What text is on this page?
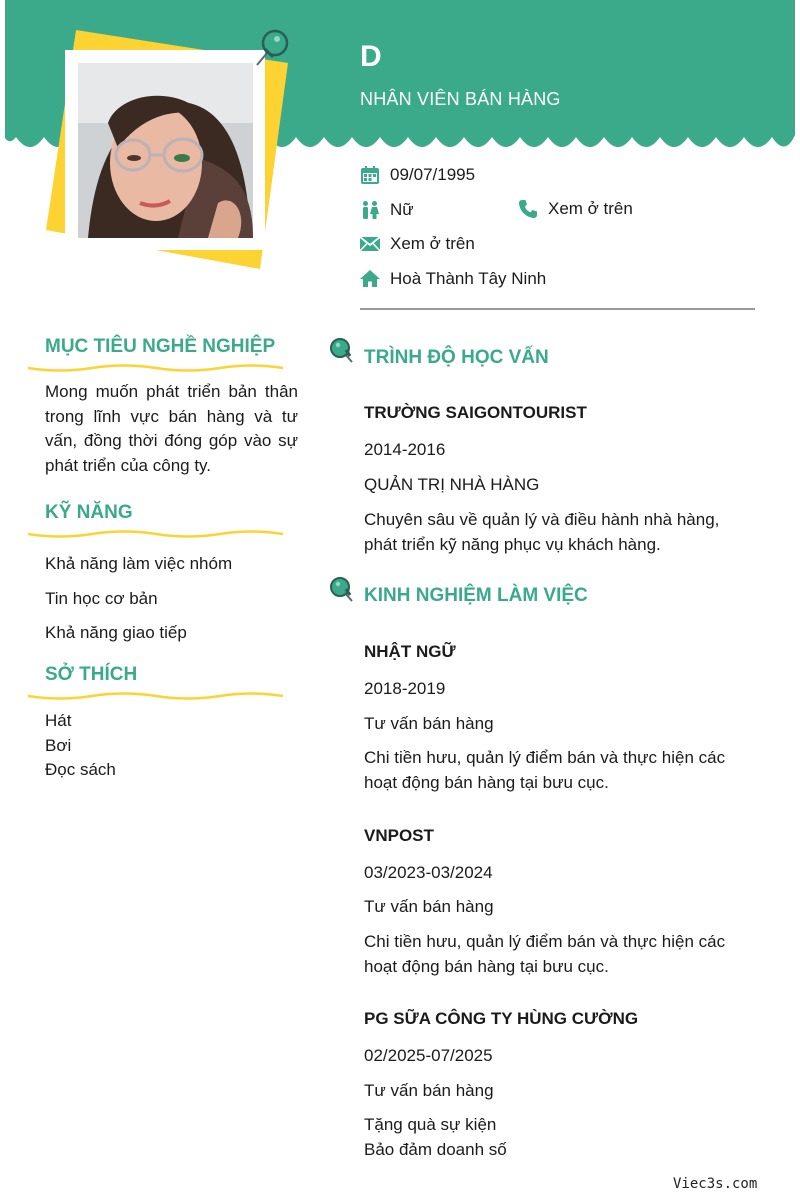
D
NHÂN VIÊN BÁN HÀNG
09/07/1995
Nữ	Xem ở trên
Xem ở trên
Hoà Thành Tây Ninh
MỤC TIÊU NGHỀ NGHIỆP
Mong muốn phát triển bản thân trong lĩnh vực bán hàng và tư vấn, đồng thời đóng góp vào sự phát triển của công ty.
KỸ NĂNG
Khả năng làm việc nhóm
Tin học cơ bản
Khả năng giao tiếp
SỞ THÍCH
Hát
Bơi
Đọc sách
TRÌNH ĐỘ HỌC VẤN
TRƯỜNG SAIGONTOURIST
2014-2016
QUẢN TRỊ NHÀ HÀNG
Chuyên sâu về quản lý và điều hành nhà hàng, phát triển kỹ năng phục vụ khách hàng.
KINH NGHIỆM LÀM VIỆC
NHẬT NGỮ
2018-2019
Tư vấn bán hàng
Chi tiền hưu, quản lý điểm bán và thực hiện các hoạt động bán hàng tại bưu cục.
VNPOST
03/2023-03/2024
Tư vấn bán hàng
Chi tiền hưu, quản lý điểm bán và thực hiện các hoạt động bán hàng tại bưu cục.
PG SỮA CÔNG TY HÙNG CƯỜNG
02/2025-07/2025
Tư vấn bán hàng
Tặng quà sự kiện
Bảo đảm doanh số
Viec3s.com
